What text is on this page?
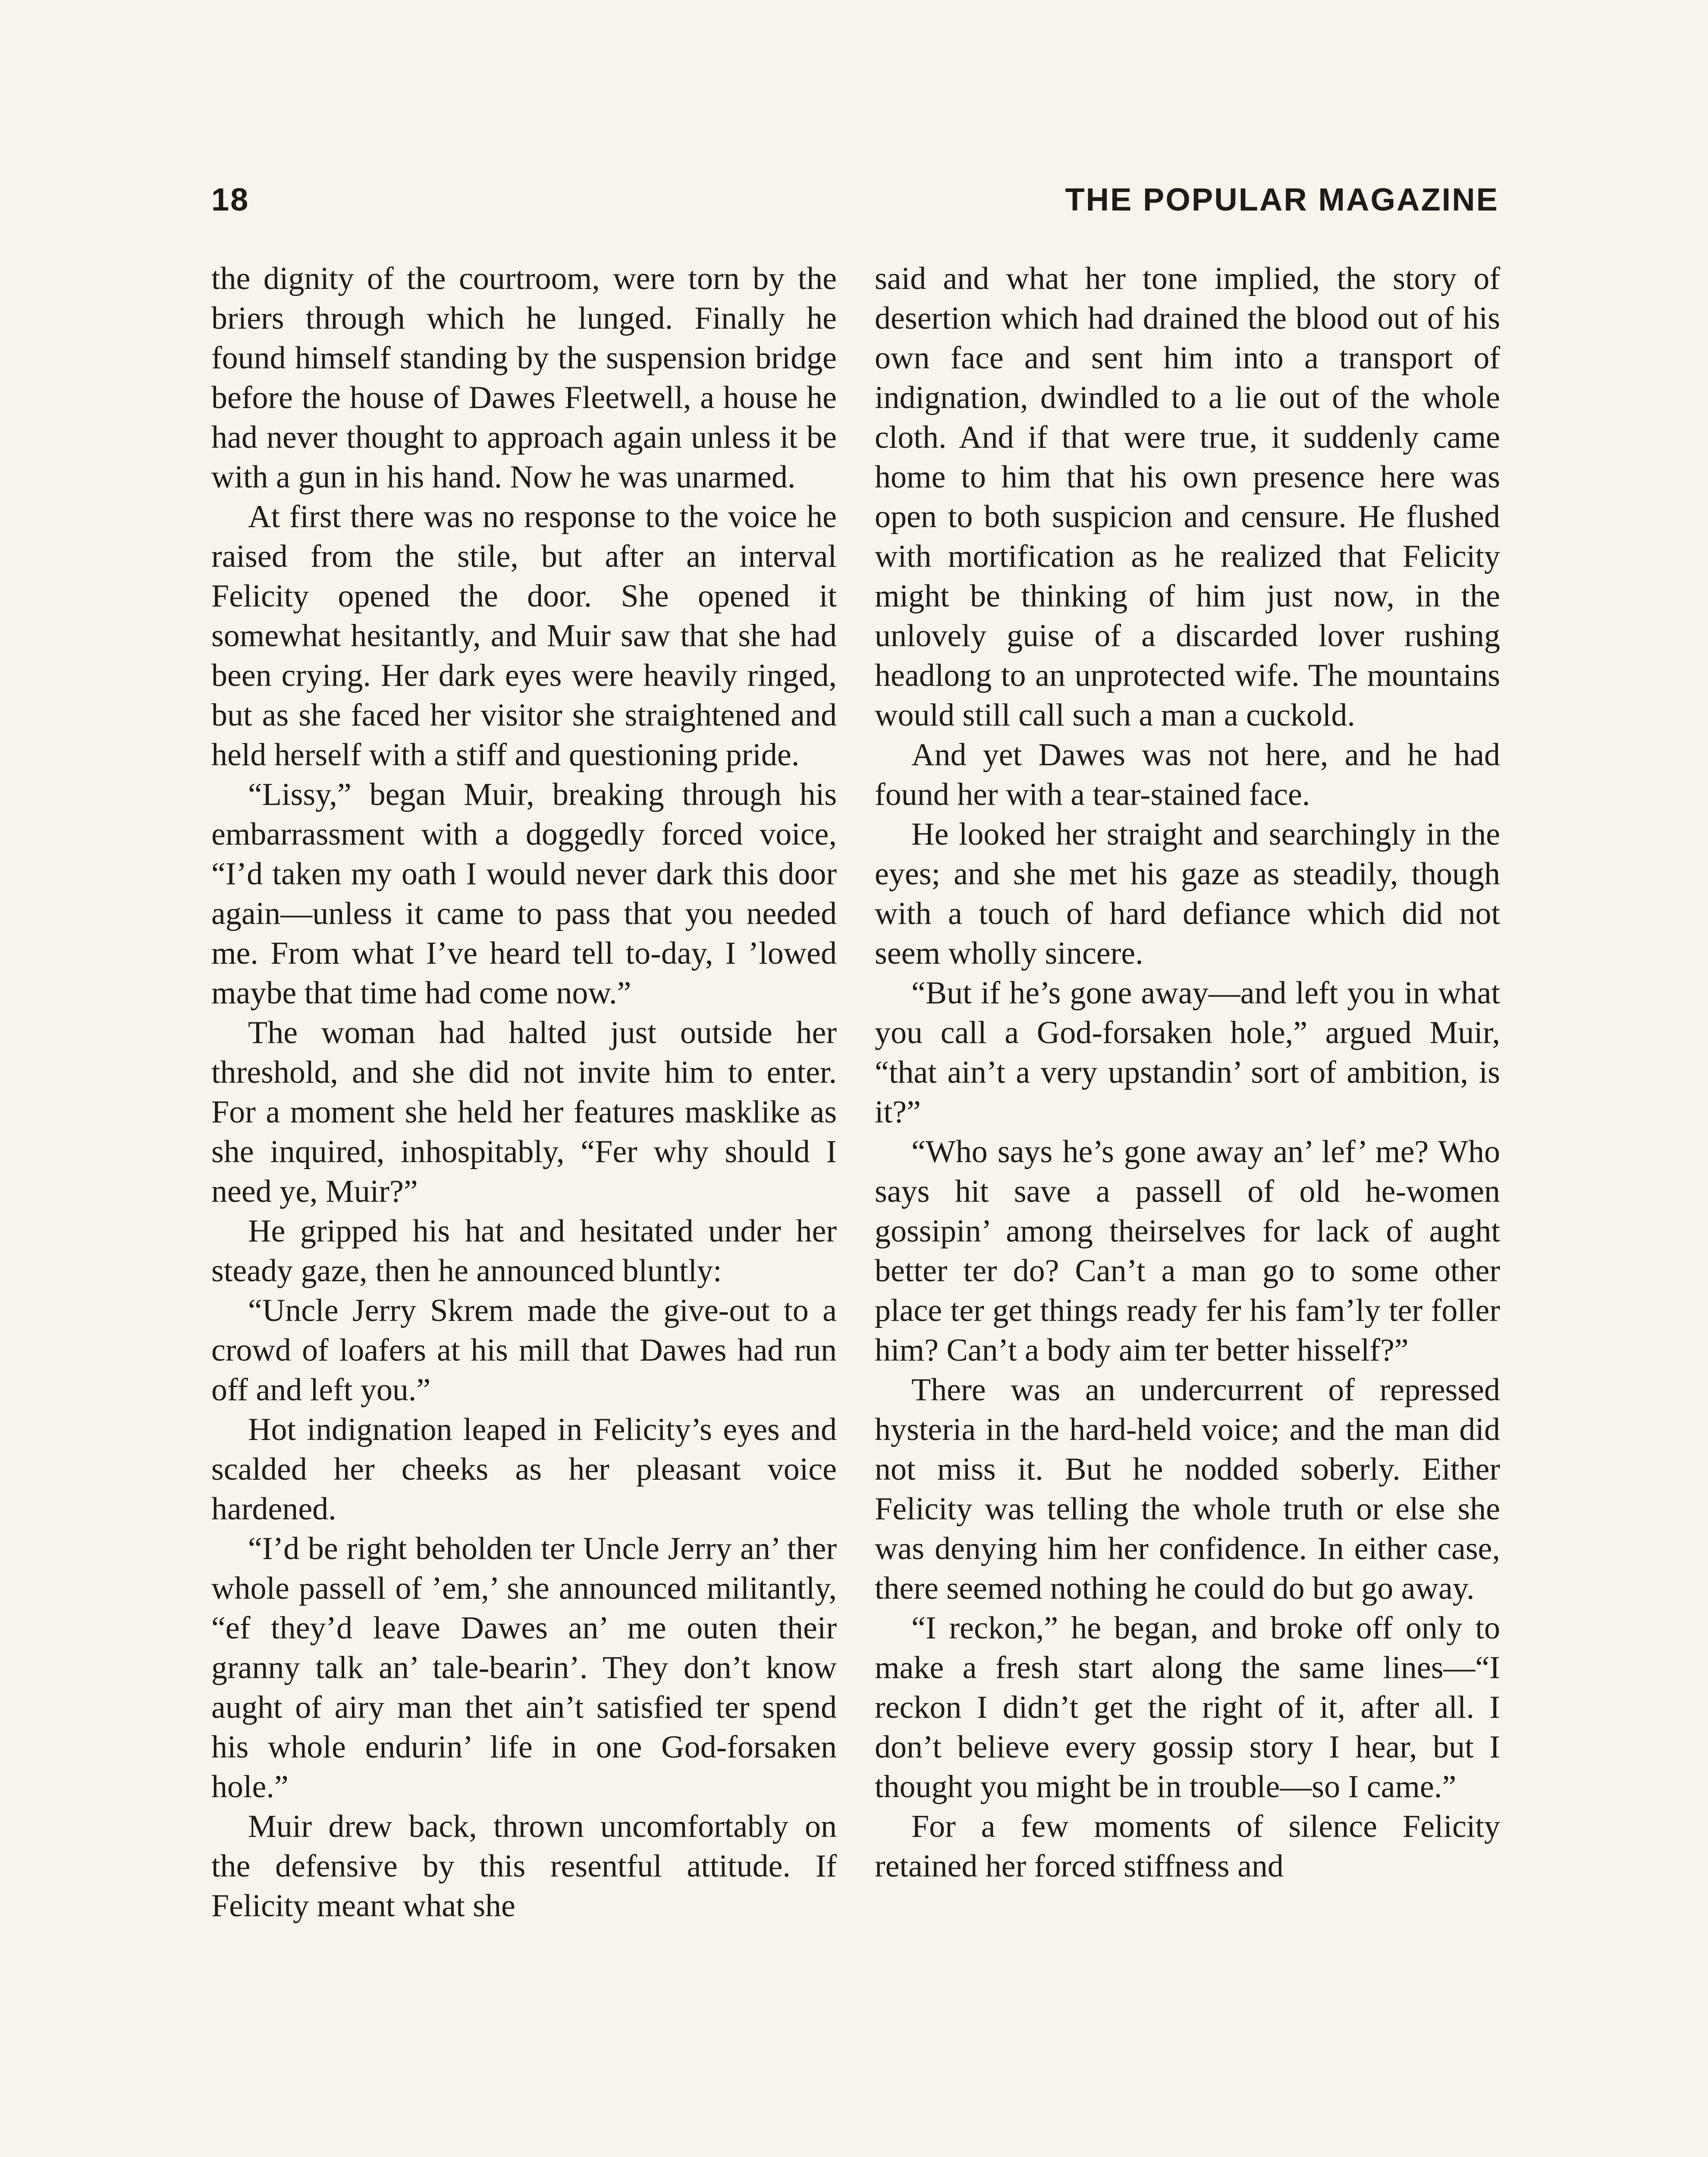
18	THE POPULAR MAGAZINE

the dignity of the courtroom, were torn by the briers through which he lunged. Finally he found himself standing by the suspension bridge before the house of Dawes Fleetwell, a house he had never thought to approach again unless it be with a gun in his hand. Now he was unarmed.

At first there was no response to the voice he raised from the stile, but after an interval Felicity opened the door. She opened it somewhat hesitantly, and Muir saw that she had been crying. Her dark eyes were heavily ringed, but as she faced her visitor she straightened and held herself with a stiff and questioning pride.

“Lissy,” began Muir, breaking through his embarrassment with a doggedly forced voice, “I’d taken my oath I would never dark this door again—unless it came to pass that you needed me. From what I’ve heard tell to-day, I ’lowed maybe that time had come now.”

The woman had halted just outside her threshold, and she did not invite him to enter. For a moment she held her features masklike as she inquired, inhospitably, “Fer why should I need ye, Muir?”

He gripped his hat and hesitated under her steady gaze, then he announced bluntly:

“Uncle Jerry Skrem made the give-out to a crowd of loafers at his mill that Dawes had run off and left you.”

Hot indignation leaped in Felicity’s eyes and scalded her cheeks as her pleasant voice hardened.

“I’d be right beholden ter Uncle Jerry an’ ther whole passell of ’em,’ she announced militantly, “ef they’d leave Dawes an’ me outen their granny talk an’ tale-bearin’. They don’t know aught of airy man thet ain’t satisfied ter spend his whole endurin’ life in one God-forsaken hole.”

Muir drew back, thrown uncomfortably on the defensive by this resentful attitude. If Felicity meant what she

said and what her tone implied, the story of desertion which had drained the blood out of his own face and sent him into a transport of indignation, dwindled to a lie out of the whole cloth. And if that were true, it suddenly came home to him that his own presence here was open to both suspicion and censure. He flushed with mortification as he realized that Felicity might be thinking of him just now, in the unlovely guise of a discarded lover rushing headlong to an unprotected wife. The mountains would still call such a man a cuckold.

And yet Dawes was not here, and he had found her with a tear-stained face.

He looked her straight and searchingly in the eyes; and she met his gaze as steadily, though with a touch of hard defiance which did not seem wholly sincere.

“But if he’s gone away—and left you in what you call a God-forsaken hole,” argued Muir, “that ain’t a very upstandin’ sort of ambition, is it?”

“Who says he’s gone away an’ lef’ me? Who says hit save a passell of old he-women gossipin’ among theirselves for lack of aught better ter do? Can’t a man go to some other place ter get things ready fer his fam’ly ter foller him? Can’t a body aim ter better hisself?”

There was an undercurrent of repressed hysteria in the hard-held voice; and the man did not miss it. But he nodded soberly. Either Felicity was telling the whole truth or else she was denying him her confidence. In either case, there seemed nothing he could do but go away.

“I reckon,” he began, and broke off only to make a fresh start along the same lines—“I reckon I didn’t get the right of it, after all. I don’t believe every gossip story I hear, but I thought you might be in trouble—so I came.”

For a few moments of silence Felicity retained her forced stiffness and
